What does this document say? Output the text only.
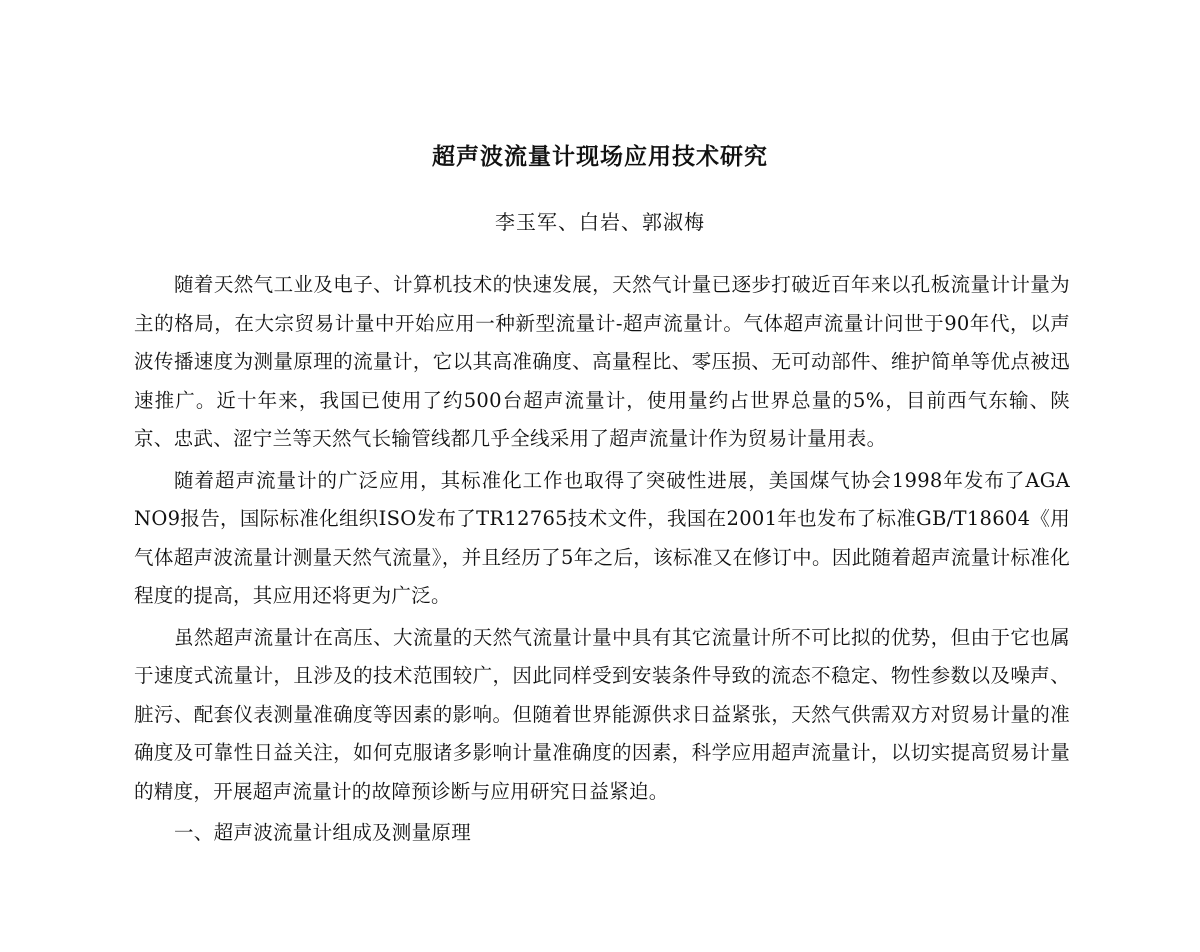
超声波流量计现场应用技术研究
李玉军、白岩、郭淑梅

随着天然气工业及电子、计算机技术的快速发展，天然气计量已逐步打破近百年来以孔板流量计计量为主的格局，在大宗贸易计量中开始应用一种新型流量计-超声流量计。气体超声流量计问世于90年代，以声波传播速度为测量原理的流量计，它以其高准确度、高量程比、零压损、无可动部件、维护简单等优点被迅速推广。近十年来，我国已使用了约500台超声流量计，使用量约占世界总量的5%，目前西气东输、陕京、忠武、涩宁兰等天然气长输管线都几乎全线采用了超声流量计作为贸易计量用表。

随着超声流量计的广泛应用，其标准化工作也取得了突破性进展，美国煤气协会1998年发布了AGA NO9报告，国际标准化组织ISO发布了TR12765技术文件，我国在2001年也发布了标准GB/T18604《用气体超声波流量计测量天然气流量》，并且经历了5年之后，该标准又在修订中。因此随着超声流量计标准化程度的提高，其应用还将更为广泛。

虽然超声流量计在高压、大流量的天然气流量计量中具有其它流量计所不可比拟的优势，但由于它也属于速度式流量计，且涉及的技术范围较广，因此同样受到安装条件导致的流态不稳定、物性参数以及噪声、脏污、配套仪表测量准确度等因素的影响。但随着世界能源供求日益紧张，天然气供需双方对贸易计量的准确度及可靠性日益关注，如何克服诸多影响计量准确度的因素，科学应用超声流量计，以切实提高贸易计量的精度，开展超声流量计的故障预诊断与应用研究日益紧迫。

一、超声波流量计组成及测量原理
